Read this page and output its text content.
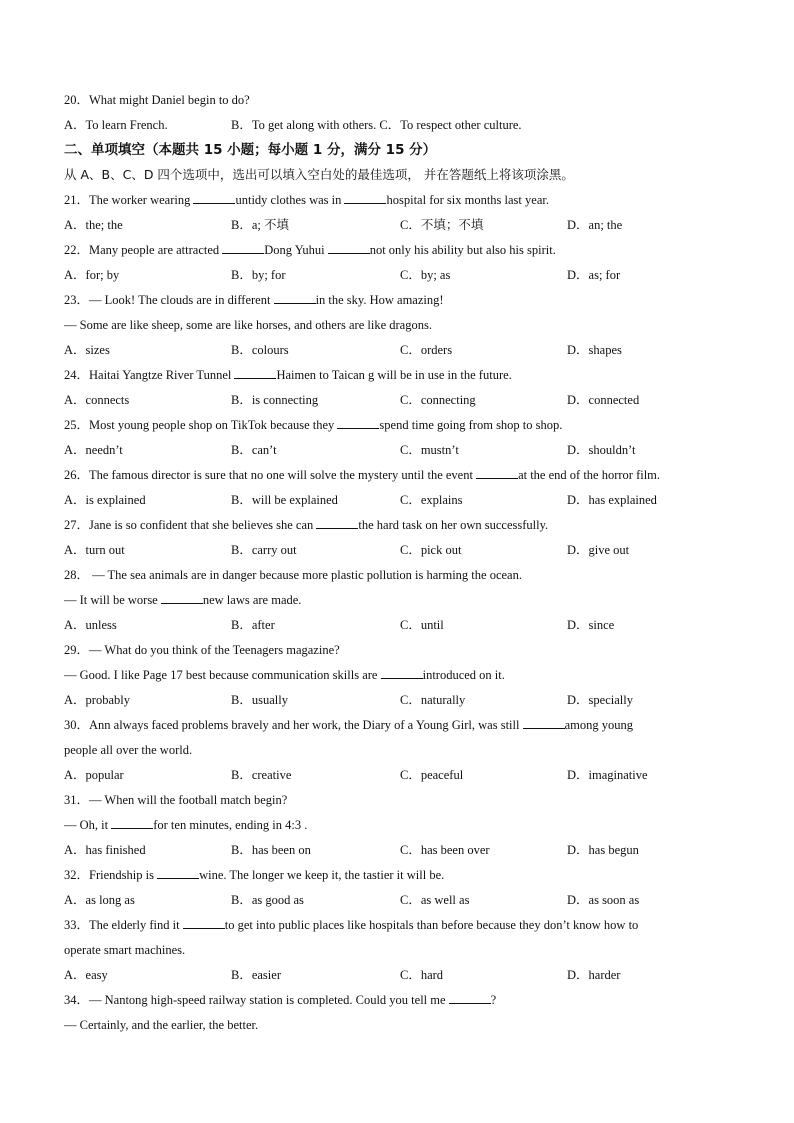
20．What might Daniel begin to do?
A．To learn French.	B．To get along with others. C．To respect other culture.
二、单项填空（本题共 15 小题；每小题 1 分，满分 15 分）
从 A、B、C、D 四个选项中，选出可以填入空白处的最佳选项， 并在答题纸上将该项涂黑。
21．The worker wearing	untidy clothes was in	hospital for six months last year.
A．the; the	B．a; 不填	C．不填；不填	D．an; the
22．Many people are attracted	Dong Yuhui	not only his ability but also his spirit.
A．for; by	B．by; for	C．by; as	D．as; for
23．— Look! The clouds are in different	in the sky. How amazing!
— Some are like sheep, some are like horses, and others are like dragons.
A．sizes	B．colours	C．orders	D．shapes
24．Haitai Yangtze River Tunnel	Haimen to Taican g will be in use in the future.
A．connects	B．is connecting	C．connecting	D．connected
25．Most young people shop on TikTok because they	spend time going from shop to shop.
A．needn’t	B．can’t	C．mustn’t	D．shouldn’t
26．The famous director is sure that no one will solve the mystery until the event	at the end of the horror film.
A．is explained	B．will be explained	C．explains	D．has explained
27．Jane is so confident that she believes she can	the hard task on her own successfully.
A．turn out	B．carry out	C．pick out	D．give out
28． — The sea animals are in danger because more plastic pollution is harming the ocean.
— It will be worse	new laws are made.
A．unless	B．after	C．until	D．since
29．— What do you think of the Teenagers magazine?
— Good. I like Page 17 best because communication skills are	introduced on it.
A．probably	B．usually	C．naturally	D．specially
30．Ann always faced problems bravely and her work, the Diary of a Young Girl, was still	among young
people all over the world.
A．popular	B．creative	C．peaceful	D．imaginative
31．— When will the football match begin?
— Oh, it	for ten minutes, ending in 4:3 .
A．has finished	B．has been on	C．has been over	D．has begun
32．Friendship is	wine. The longer we keep it, the tastier it will be.
A．as long as	B．as good as	C．as well as	D．as soon as
33．The elderly find it	to get into public places like hospitals than before because they don’t know how to
operate smart machines.
A．easy	B．easier	C．hard	D．harder
34．— Nantong high-speed railway station is completed. Could you tell me	?
— Certainly, and the earlier, the better.
